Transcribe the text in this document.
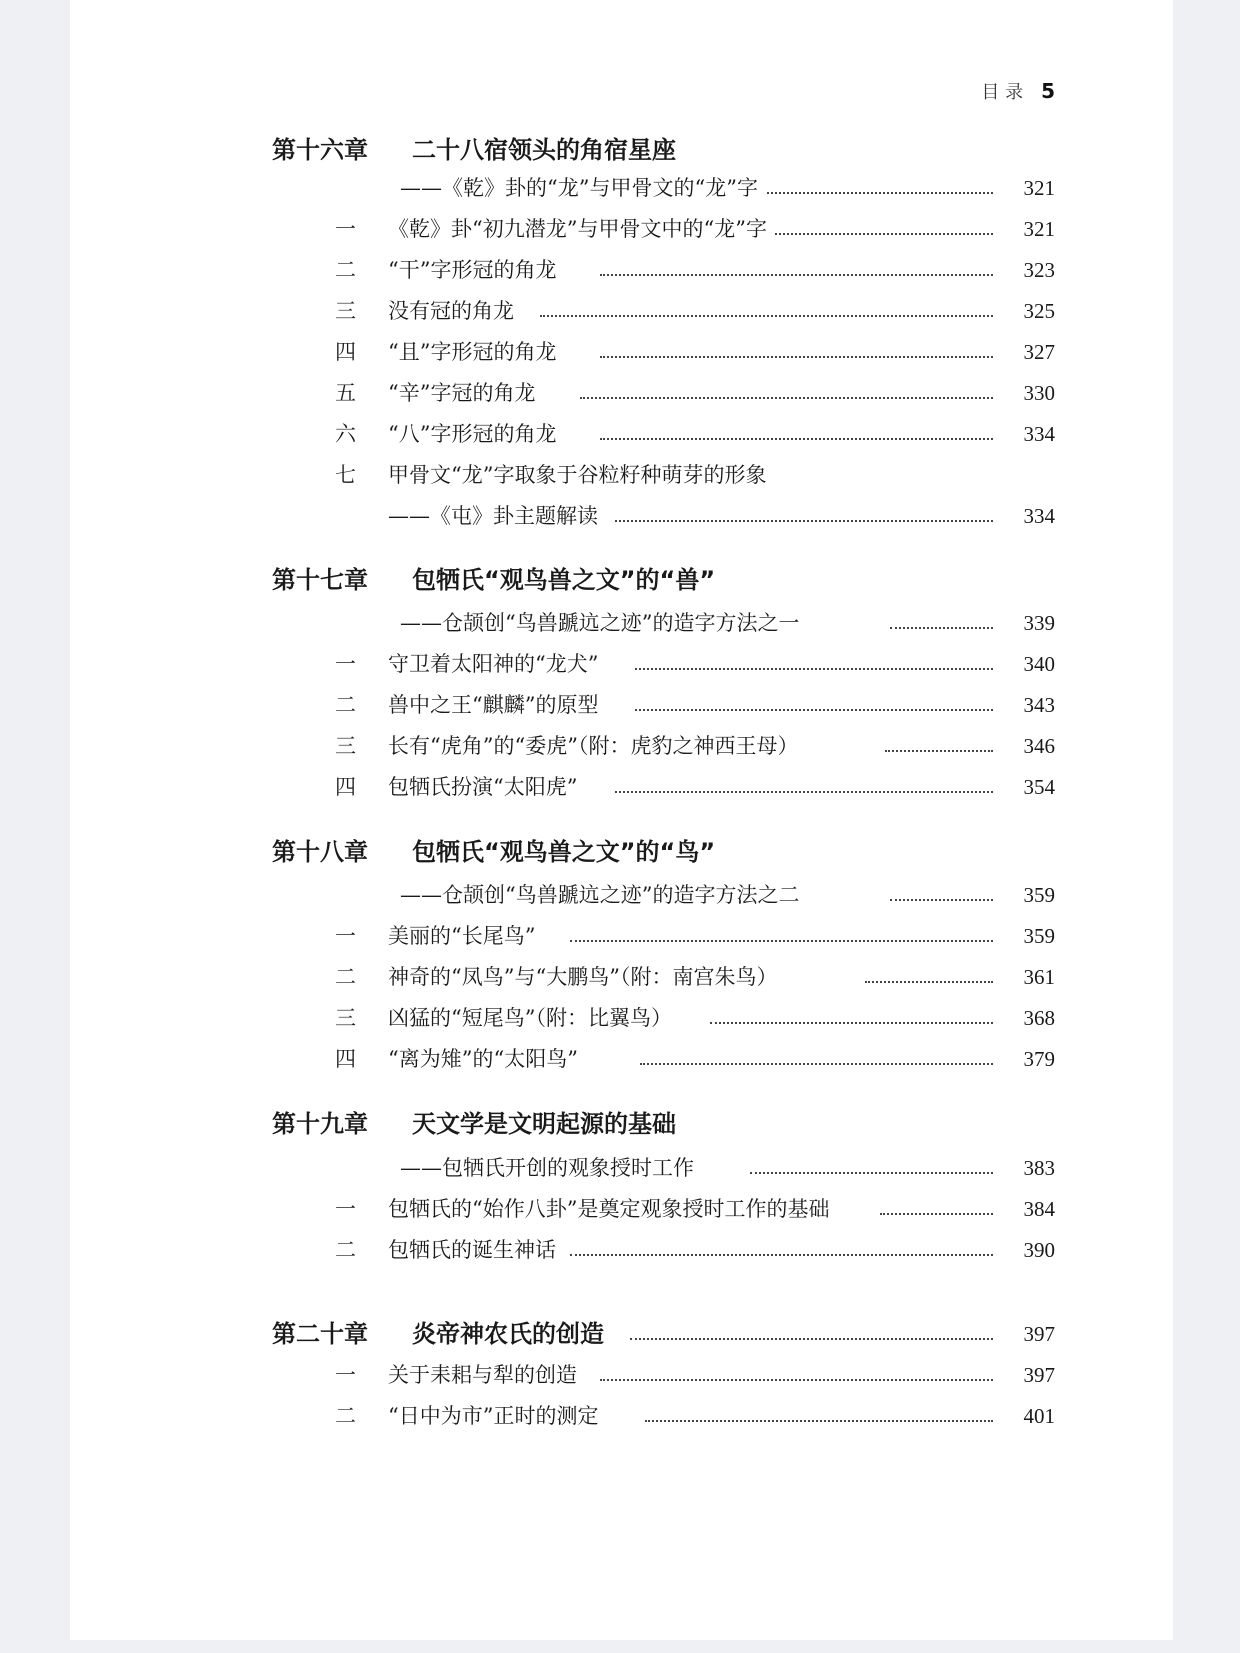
目 录 5
第十六章 二十八宿领头的角宿星座
——《乾》卦的“龙”与甲骨文的“龙”字	321
一	《乾》卦“初九潜龙”与甲骨文中的“龙”字	321
二	“干”字形冠的角龙	323
三	没有冠的角龙	325
四	“且”字形冠的角龙	327
五	“辛”字冠的角龙	330
六	“八”字形冠的角龙	334
七	甲骨文“龙”字取象于谷粒籽种萌芽的形象
——《屯》卦主题解读	334
第十七章 包牺氏“观鸟兽之文”的“兽”
——仓颉创“鸟兽蹏迒之迹”的造字方法之一	339
一	守卫着太阳神的“龙犬”	340
二	兽中之王“麒麟”的原型	343
三	长有“虎角”的“委虎”（附：虎豹之神西王母）	346
四	包牺氏扮演“太阳虎”	354
第十八章 包牺氏“观鸟兽之文”的“鸟”
——仓颉创“鸟兽蹏迒之迹”的造字方法之二	359
一	美丽的“长尾鸟”	359
二	神奇的“凤鸟”与“大鹏鸟”（附：南宫朱鸟）	361
三	凶猛的“短尾鸟”（附：比翼鸟）	368
四	“离为雉”的“太阳鸟”	379
第十九章 天文学是文明起源的基础
——包牺氏开创的观象授时工作	383
一	包牺氏的“始作八卦”是奠定观象授时工作的基础	384
二	包牺氏的诞生神话	390
第二十章 炎帝神农氏的创造	397
一	关于耒耜与犁的创造	397
二	“日中为市”正时的测定	401
